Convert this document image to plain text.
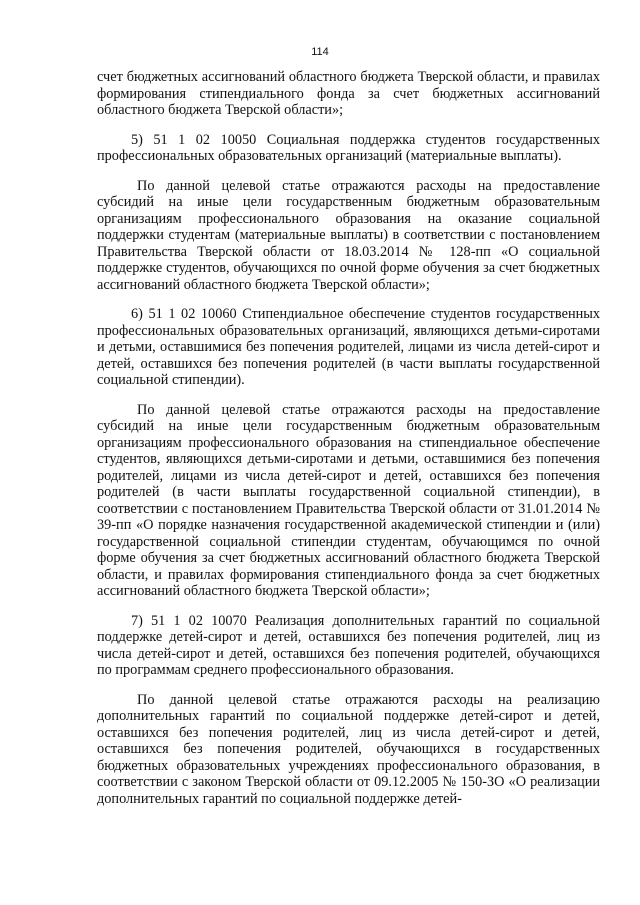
114

счет бюджетных ассигнований областного бюджета Тверской области, и правилах формирования стипендиального фонда за счет бюджетных ассигнований областного бюджета Тверской области»;

5) 51 1 02 10050 Социальная поддержка студентов государственных профессиональных образовательных организаций (материальные выплаты).

По данной целевой статье отражаются расходы на предоставление субсидий на иные цели государственным бюджетным образовательным организациям профессионального образования на оказание социальной поддержки студентам (материальные выплаты) в соответствии с постановлением Правительства Тверской области от 18.03.2014 № 128-пп «О социальной поддержке студентов, обучающихся по очной форме обучения за счет бюджетных ассигнований областного бюджета Тверской области»;

6) 51 1 02 10060 Стипендиальное обеспечение студентов государственных профессиональных образовательных организаций, являющихся детьми-сиротами и детьми, оставшимися без попечения родителей, лицами из числа детей-сирот и детей, оставшихся без попечения родителей (в части выплаты государственной социальной стипендии).

По данной целевой статье отражаются расходы на предоставление субсидий на иные цели государственным бюджетным образовательным организациям профессионального образования на стипендиальное обеспечение студентов, являющихся детьми-сиротами и детьми, оставшимися без попечения родителей, лицами из числа детей-сирот и детей, оставшихся без попечения родителей (в части выплаты государственной социальной стипендии), в соответствии с постановлением Правительства Тверской области от 31.01.2014 № 39-пп «О порядке назначения государственной академической стипендии и (или) государственной социальной стипендии студентам, обучающимся по очной форме обучения за счет бюджетных ассигнований областного бюджета Тверской области, и правилах формирования стипендиального фонда за счет бюджетных ассигнований областного бюджета Тверской области»;

7) 51 1 02 10070 Реализация дополнительных гарантий по социальной поддержке детей-сирот и детей, оставшихся без попечения родителей, лиц из числа детей-сирот и детей, оставшихся без попечения родителей, обучающихся по программам среднего профессионального образования.

По данной целевой статье отражаются расходы на реализацию дополнительных гарантий по социальной поддержке детей-сирот и детей, оставшихся без попечения родителей, лиц из числа детей-сирот и детей, оставшихся без попечения родителей, обучающихся в государственных бюджетных образовательных учреждениях профессионального образования, в соответствии с законом Тверской области от 09.12.2005 № 150-ЗО «О реализации дополнительных гарантий по социальной поддержке детей-
